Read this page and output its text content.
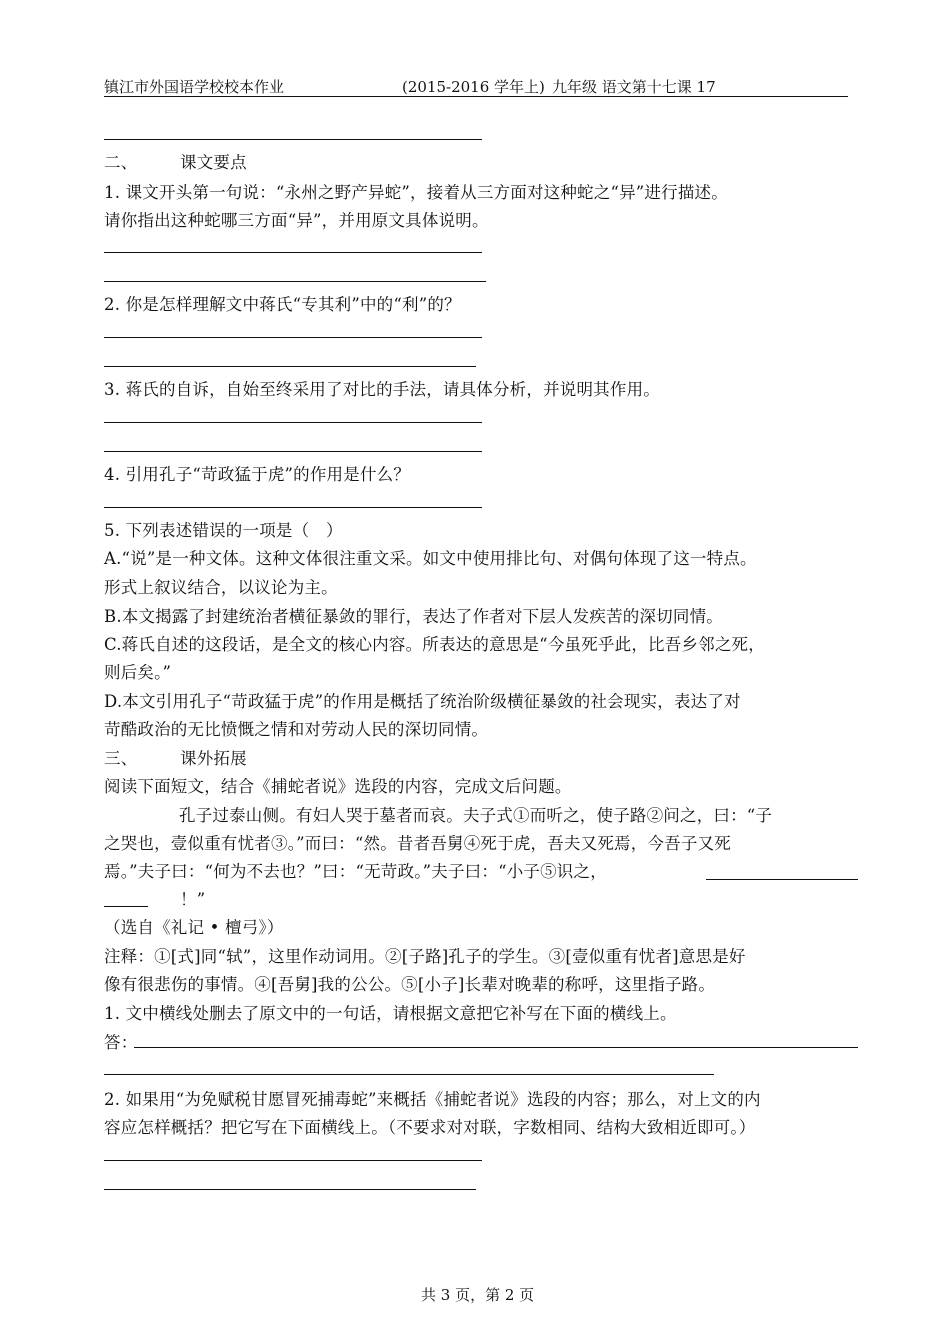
镇江市外国语学校校本作业	(2015-2016 学年上) 九年级 语文第十七课 17
二、	课文要点
1. 课文开头第一句说：“永州之野产异蛇”，接着从三方面对这种蛇之“异”进行描述。
请你指出这种蛇哪三方面“异”，并用原文具体说明。
2. 你是怎样理解文中蒋氏“专其利”中的“利”的？
3. 蒋氏的自诉，自始至终采用了对比的手法，请具体分析，并说明其作用。
4. 引用孔子“苛政猛于虎”的作用是什么？
5. 下列表述错误的一项是（　）
A.“说”是一种文体。这种文体很注重文采。如文中使用排比句、对偶句体现了这一特点。
形式上叙议结合，以议论为主。
B.本文揭露了封建统治者横征暴敛的罪行，表达了作者对下层人发疾苦的深切同情。
C.蒋氏自述的这段话，是全文的核心内容。所表达的意思是“今虽死乎此，比吾乡邻之死，
则后矣。”
D.本文引用孔子“苛政猛于虎”的作用是概括了统治阶级横征暴敛的社会现实，表达了对
苛酷政治的无比愤慨之情和对劳动人民的深切同情。
三、	课外拓展
阅读下面短文，结合《捕蛇者说》选段的内容，完成文后问题。
孔子过泰山侧。有妇人哭于墓者而哀。夫子式①而听之，使子路②问之，曰：“子
之哭也，壹似重有忧者③。”而曰：“然。昔者吾舅④死于虎，吾夫又死焉，今吾子又死
焉。”夫子曰：“何为不去也？”曰：“无苛政。”夫子曰：“小子⑤识之，
！”
（选自《礼记 • 檀弓》）
注释：①[式]同“轼”，这里作动词用。②[子路]孔子的学生。③[壹似重有忧者]意思是好
像有很悲伤的事情。④[吾舅]我的公公。⑤[小子]长辈对晚辈的称呼，这里指子路。
1. 文中横线处删去了原文中的一句话，请根据文意把它补写在下面的横线上。
答：
2. 如果用“为免赋税甘愿冒死捕毒蛇”来概括《捕蛇者说》选段的内容；那么，对上文的内
容应怎样概括？把它写在下面横线上。（不要求对对联，字数相同、结构大致相近即可。）
共 3 页，第 2 页
